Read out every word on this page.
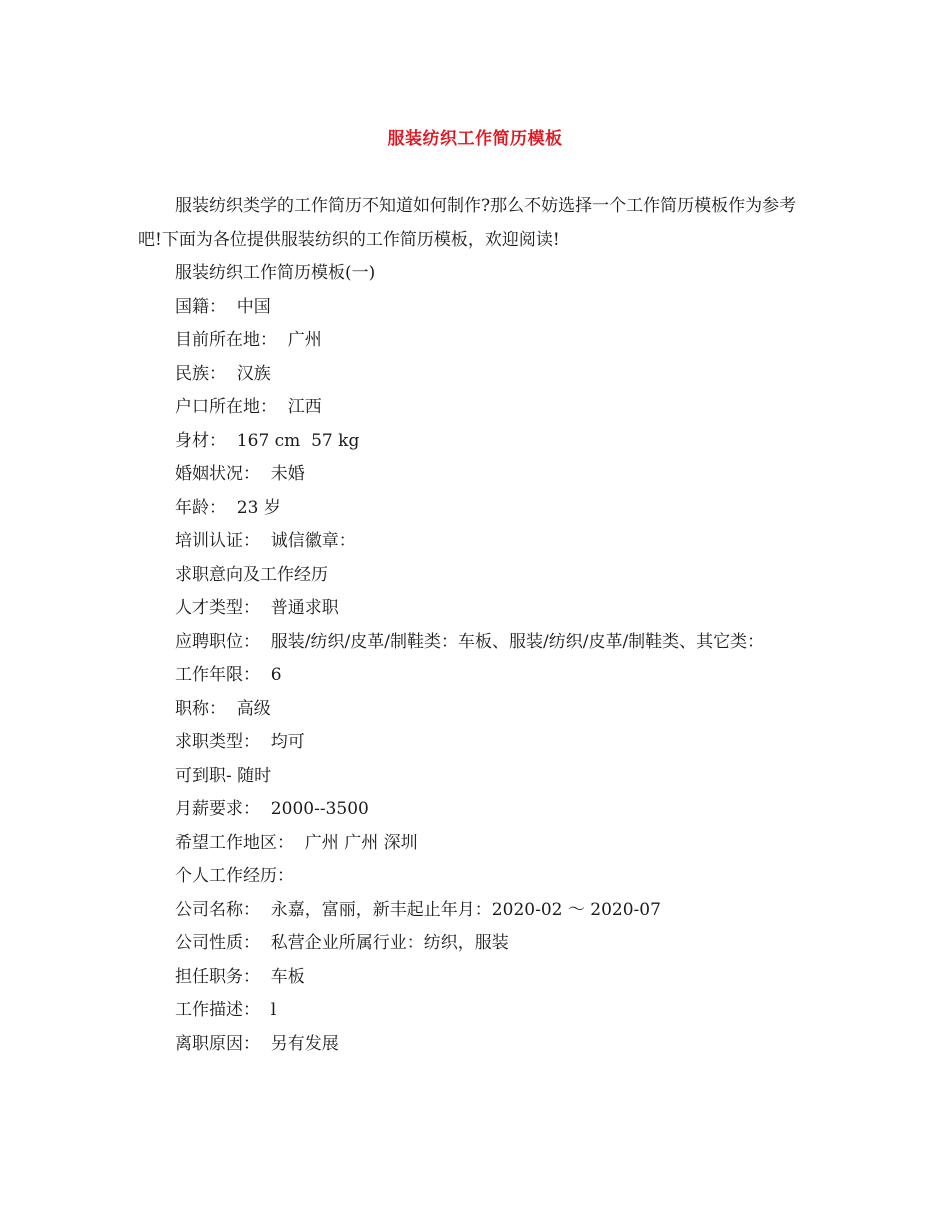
服装纺织工作简历模板

服装纺织类学的工作简历不知道如何制作?那么不妨选择一个工作简历模板作为参考吧!下面为各位提供服装纺织的工作简历模板，欢迎阅读!

服装纺织工作简历模板(一)

国籍：  中国

目前所在地：  广州

民族：  汉族

户口所在地：  江西

身材：  167 cm  57 kg

婚姻状况：  未婚

年龄：  23 岁

培训认证：  诚信徽章：

求职意向及工作经历

人才类型：  普通求职

应聘职位：  服装/纺织/皮革/制鞋类：车板、服装/纺织/皮革/制鞋类、其它类：

工作年限：  6

职称：  高级

求职类型：  均可

可到职- 随时

月薪要求：  2000--3500

希望工作地区：  广州 广州 深圳

个人工作经历：

公司名称：  永嘉，富丽，新丰起止年月：2020-02 ～ 2020-07

公司性质：  私营企业所属行业：纺织，服装

担任职务：  车板

工作描述：  l

离职原因：  另有发展
